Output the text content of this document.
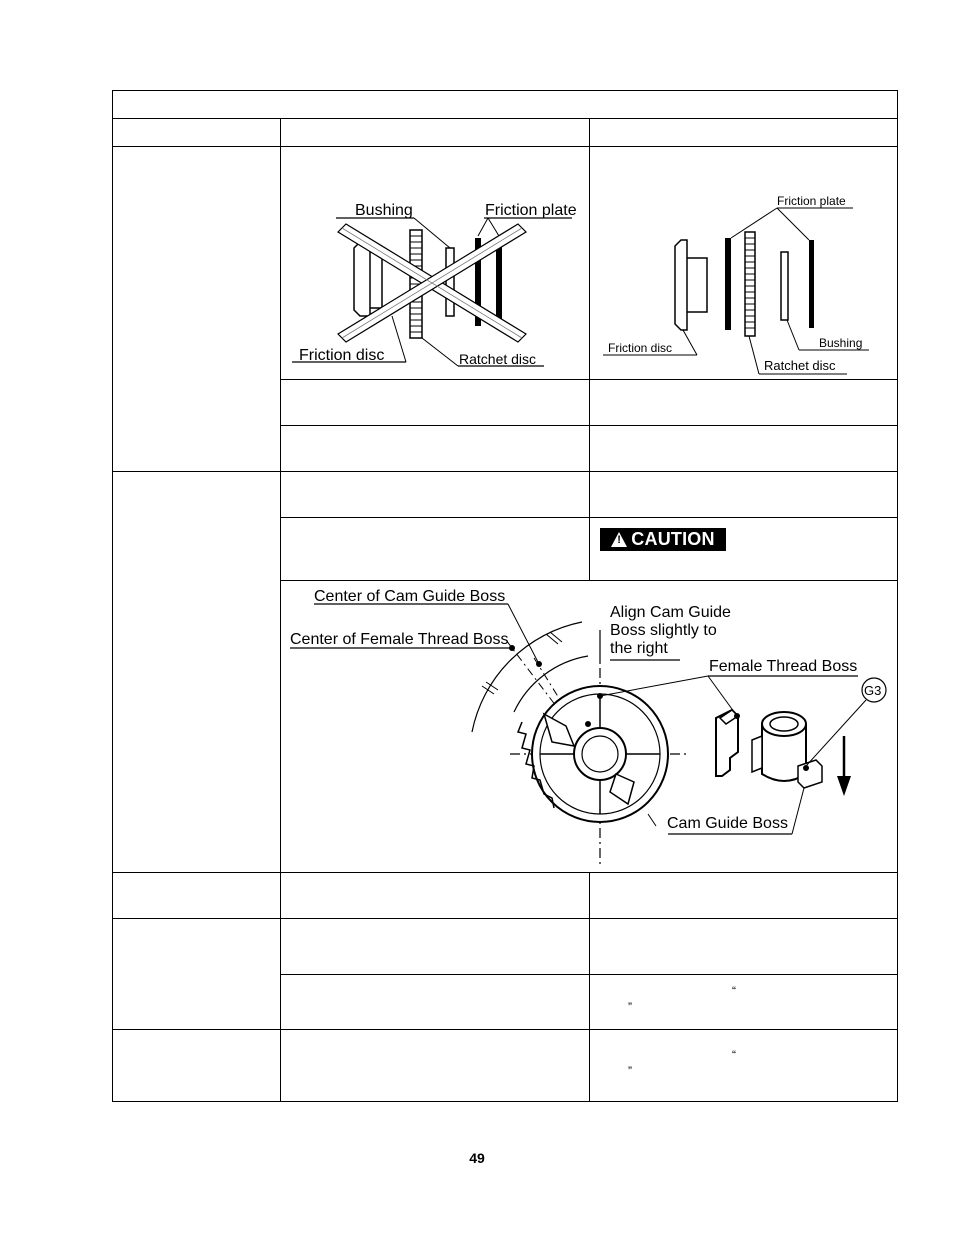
Bushing	Friction plate
Friction disc	Ratchet disc
Friction plate
Friction disc	Bushing
Ratchet disc
!
CAUTION
Center of Cam Guide Boss
Center of Female Thread Boss
Align Cam Guide
Boss slightly to
the right
Female Thread Boss
G3
Cam Guide Boss
“
”
“
”
49
